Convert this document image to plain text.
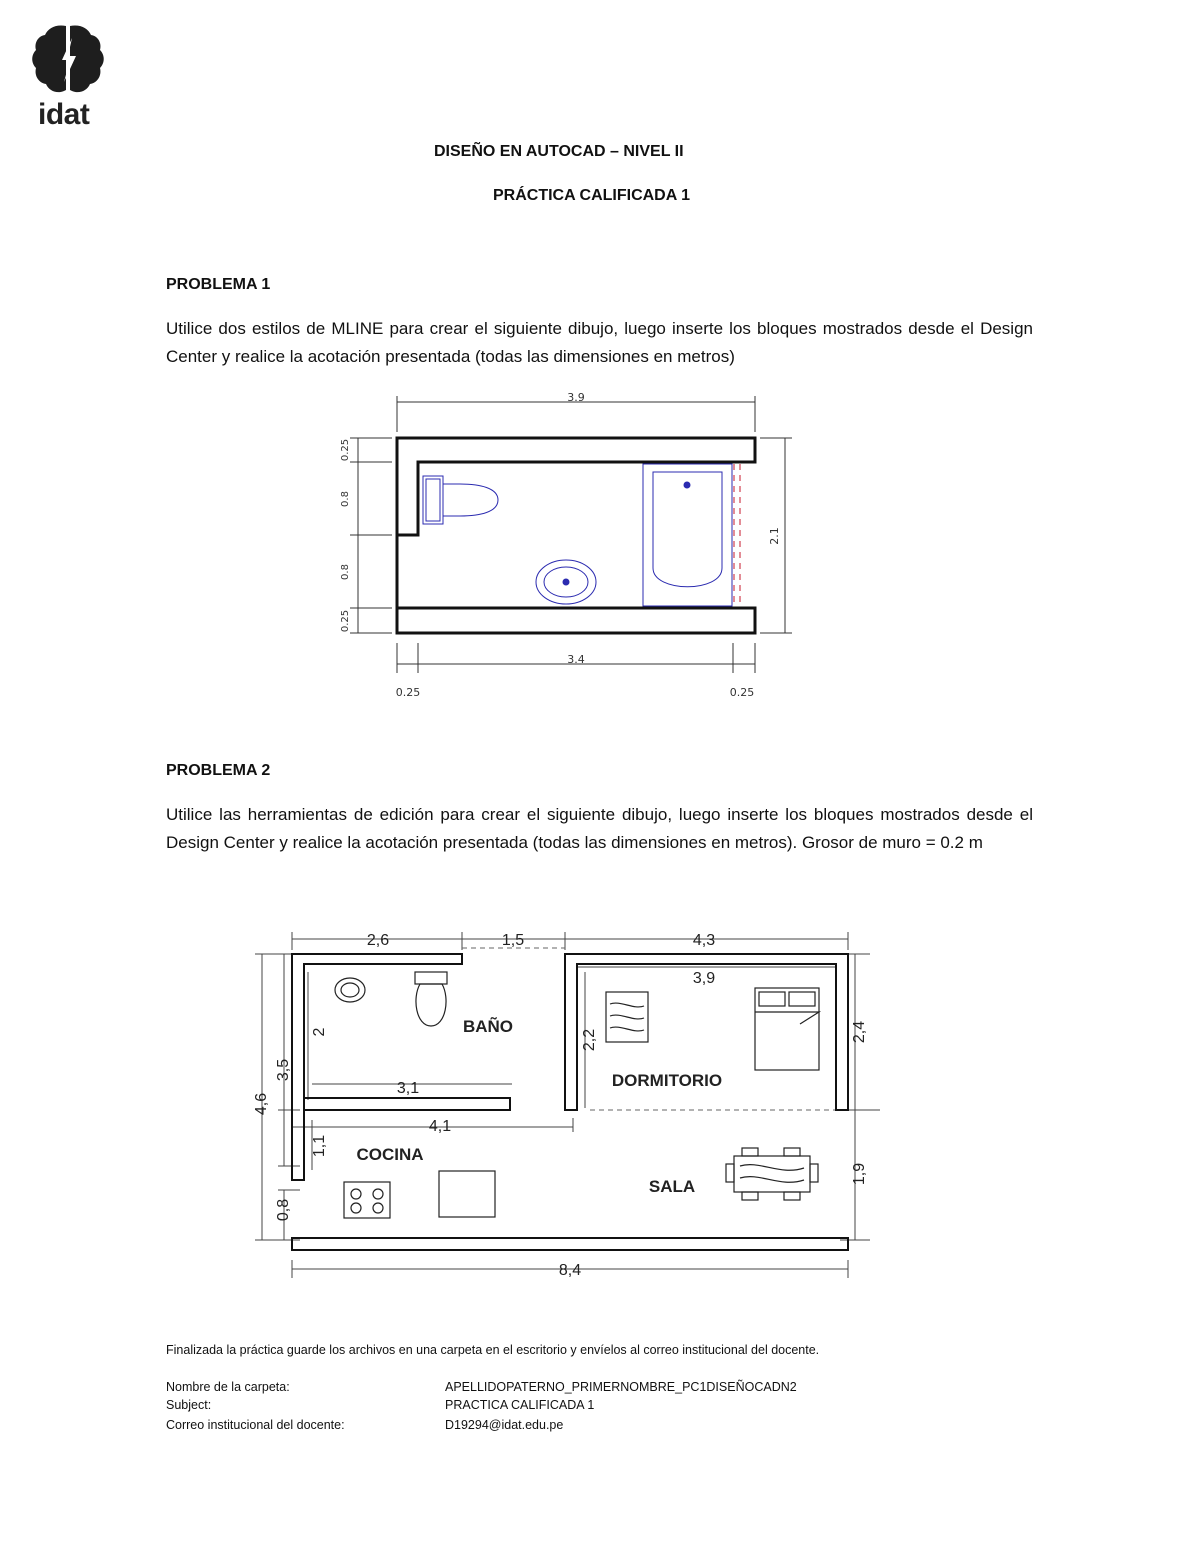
idat
DISEÑO EN AUTOCAD – NIVEL II
PRÁCTICA CALIFICADA 1
PROBLEMA 1
Utilice dos estilos de MLINE para crear el siguiente dibujo, luego inserte los bloques mostrados desde el Design Center y realice la acotación presentada (todas las dimensiones en metros)
3.9
3.4
0.25	0.25
2.1
0.25
0.8
0.8
0.25
PROBLEMA 2
Utilice las herramientas de edición para crear el siguiente dibujo, luego inserte los bloques mostrados desde el Design Center y realice la acotación presentada (todas las dimensiones en metros). Grosor de muro = 0.2 m
BAÑO
DORMITORIO
COCINA
SALA
2,6	1,5	4,3
3,9
3,1
4,1
8,4
4,6
3,5
0,8
2
1,1
2,2	2,4
1,9
Finalizada la práctica guarde los archivos en una carpeta en el escritorio y envíelos al correo institucional del docente.
Nombre de la carpeta:	APELLIDOPATERNO_PRIMERNOMBRE_PC1DISEÑOCADN2
Subject:	PRACTICA CALIFICADA 1
Correo institucional del docente:	D19294@idat.edu.pe
